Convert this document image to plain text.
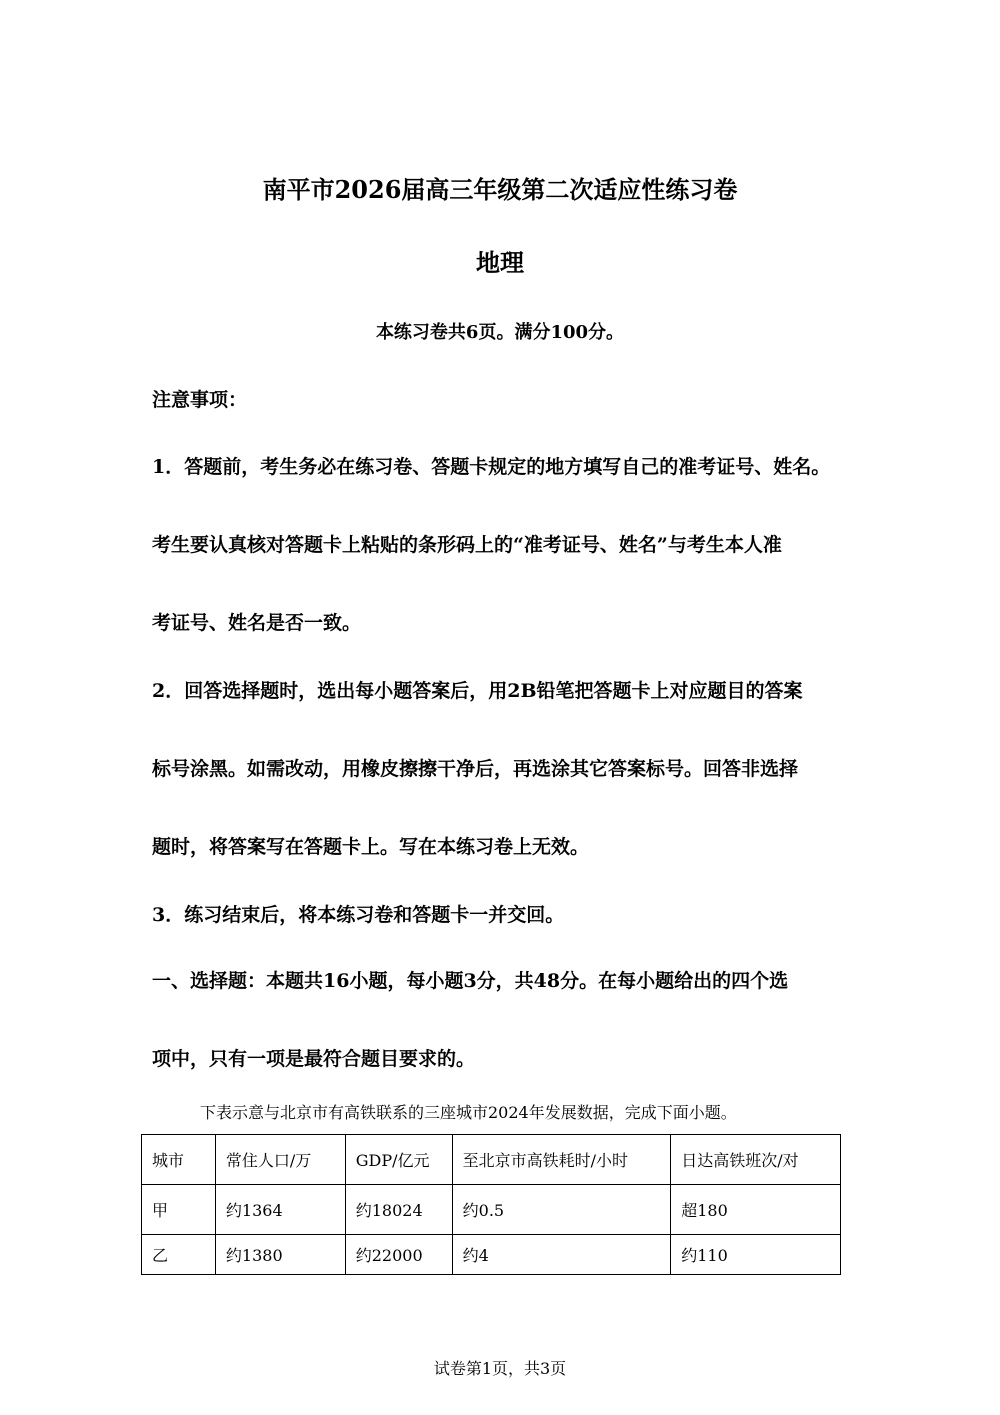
南平市2026届高三年级第二次适应性练习卷
地理
本练习卷共6页。满分100分。
注意事项：
1．答题前，考生务必在练习卷、答题卡规定的地方填写自己的准考证号、姓名。
考生要认真核对答题卡上粘贴的条形码上的“准考证号、姓名”与考生本人准
考证号、姓名是否一致。
2．回答选择题时，选出每小题答案后，用2B铅笔把答题卡上对应题目的答案
标号涂黑。如需改动，用橡皮擦擦干净后，再选涂其它答案标号。回答非选择
题时，将答案写在答题卡上。写在本练习卷上无效。
3．练习结束后，将本练习卷和答题卡一并交回。
一、选择题：本题共16小题，每小题3分，共48分。在每小题给出的四个选
项中，只有一项是最符合题目要求的。
下表示意与北京市有高铁联系的三座城市2024年发展数据，完成下面小题。
城市	常住人口/万	GDP/亿元	至北京市高铁耗时/小时	日达高铁班次/对
甲	约1364	约18024	约0.5	超180
乙	约1380	约22000	约4	约110
试卷第1页，共3页
